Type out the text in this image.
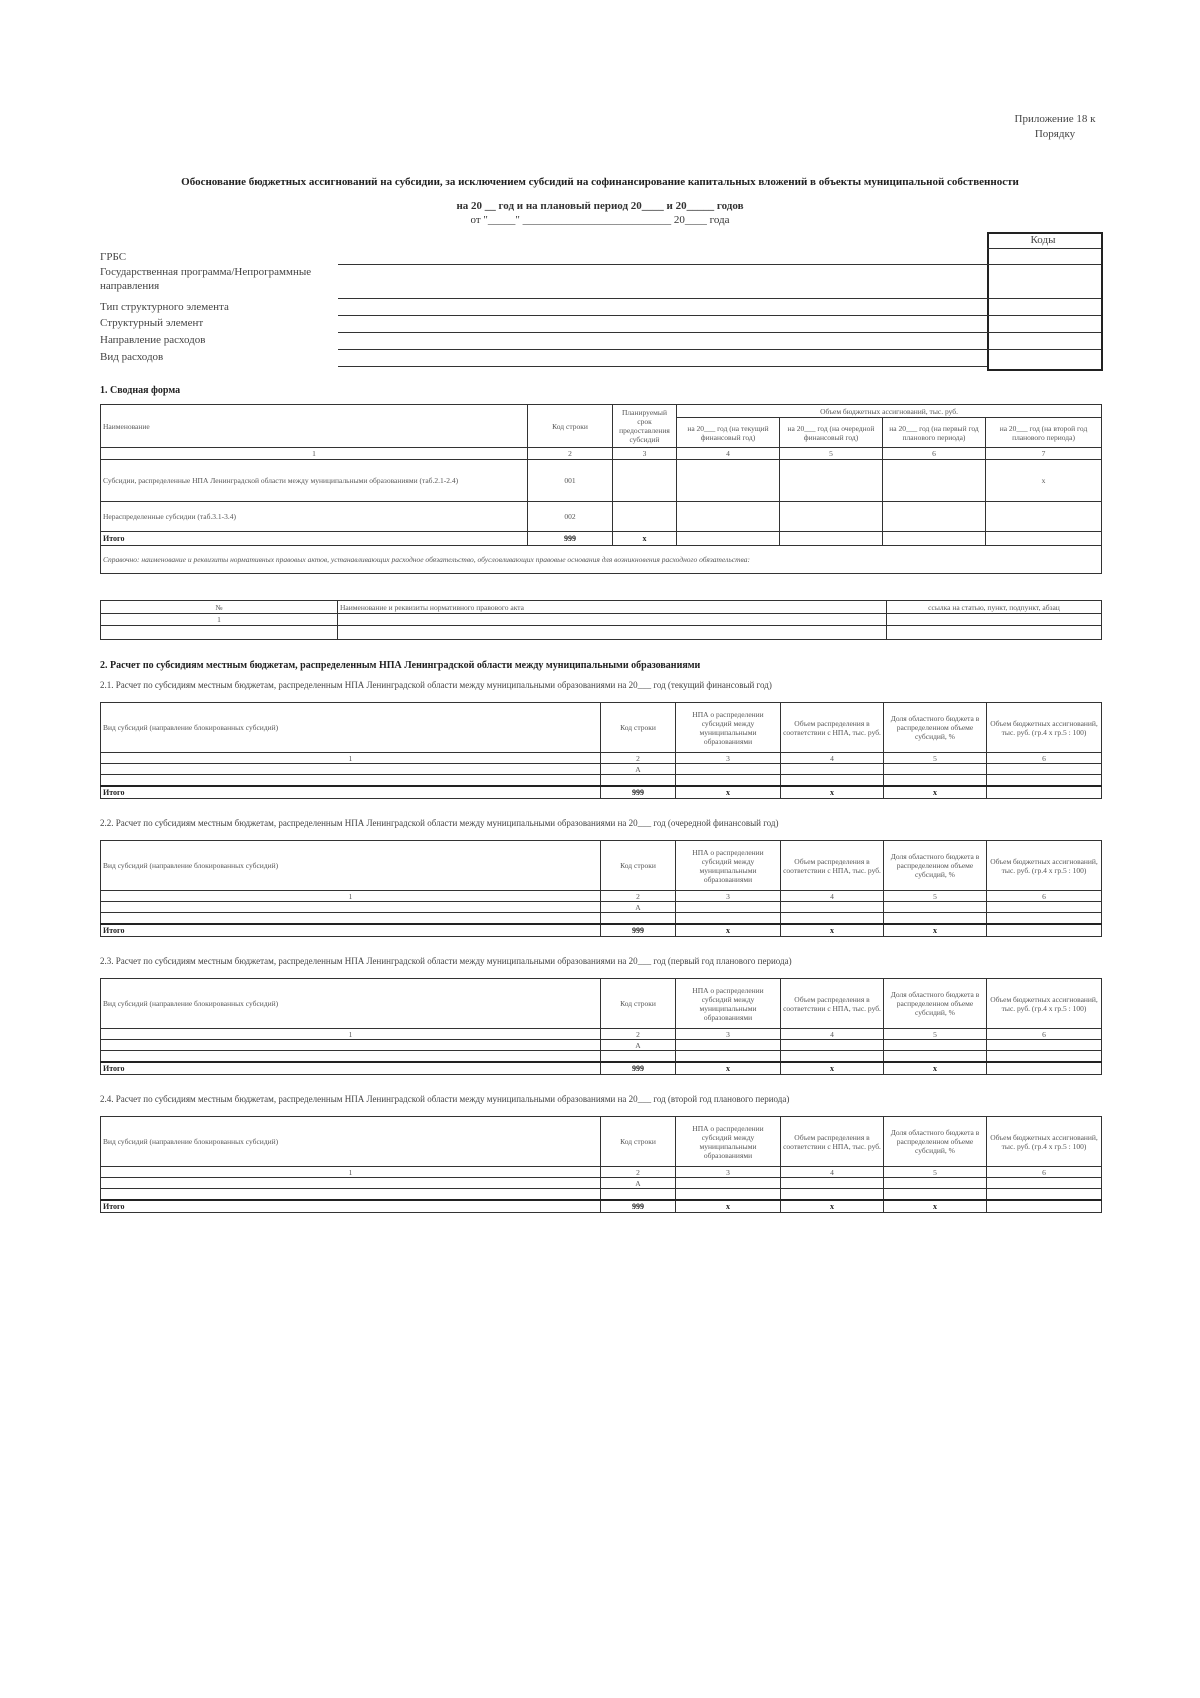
Приложение 18 к
Порядку
Обоснование бюджетных ассигнований на субсидии, за исключением субсидий на софинансирование капитальных вложений в объекты муниципальной собственности
на 20 __ год и на плановый период 20____ и 20_____ годов
от "_____" ___________________________ 20____ года
Коды
ГРБС
Государственная программа/Непрограммные направления
Тип структурного элемента
Структурный элемент
Направление расходов
Вид расходов
1. Сводная форма
Наименование	Код строки	Планируемый срок предоставления субсидий	Объем бюджетных ассигнований, тыс. руб.			
			на 20___ год (на текущий финансовый год)	на 20___ год (на очередной финансовый год)	на 20___ год (на первый год планового периода)	на 20___ год (на второй год планового периода)
1	2	3	4	5	6	7
Субсидии, распределенные НПА Ленинградской области между муниципальными образованиями (таб.2.1-2.4)	001					x
Нераспределенные субсидии (таб.3.1-3.4)	002					
Итого	999	x				
Справочно: наименование и реквизиты нормативных правовых актов, устанавливающих расходное обязательство, обусловливающих правовые основания для возникновения расходного обязательства:						
№	Наименование и реквизиты нормативного правового акта	ссылка на статью, пункт, подпункт, абзац
1		

2. Расчет по субсидиям местным бюджетам, распределенным НПА Ленинградской области между муниципальными образованиями
2.1. Расчет по субсидиям местным бюджетам, распределенным НПА Ленинградской области между муниципальными образованиями на 20___ год (текущий финансовый год)
Вид субсидий (направление блокированных субсидий)	Код строки	НПА о распределении субсидий между муниципальными образованиями	Объем распределения в соответствии с НПА, тыс. руб.	Доля областного бюджета в распределенном объеме субсидий, %	Объем бюджетных ассигнований, тыс. руб. (гр.4 x гр.5 : 100)
1	2	3	4	5	6
	А				

Итого	999	x	x	x	
2.2. Расчет по субсидиям местным бюджетам, распределенным НПА Ленинградской области между муниципальными образованиями на 20___ год (очередной финансовый год)
Вид субсидий (направление блокированных субсидий)	Код строки	НПА о распределении субсидий между муниципальными образованиями	Объем распределения в соответствии с НПА, тыс. руб.	Доля областного бюджета в распределенном объеме субсидий, %	Объем бюджетных ассигнований, тыс. руб. (гр.4 x гр.5 : 100)
1	2	3	4	5	6
	А				

Итого	999	x	x	x	
2.3. Расчет по субсидиям местным бюджетам, распределенным НПА Ленинградской области между муниципальными образованиями на 20___ год (первый год планового периода)
Вид субсидий (направление блокированных субсидий)	Код строки	НПА о распределении субсидий между муниципальными образованиями	Объем распределения в соответствии с НПА, тыс. руб.	Доля областного бюджета в распределенном объеме субсидий, %	Объем бюджетных ассигнований, тыс. руб. (гр.4 x гр.5 : 100)
1	2	3	4	5	6
	А				

Итого	999	x	x	x	
2.4. Расчет по субсидиям местным бюджетам, распределенным НПА Ленинградской области между муниципальными образованиями на 20___ год (второй год планового периода)
Вид субсидий (направление блокированных субсидий)	Код строки	НПА о распределении субсидий между муниципальными образованиями	Объем распределения в соответствии с НПА, тыс. руб.	Доля областного бюджета в распределенном объеме субсидий, %	Объем бюджетных ассигнований, тыс. руб. (гр.4 x гр.5 : 100)
1	2	3	4	5	6
	А				

Итого	999	x	x	x	
